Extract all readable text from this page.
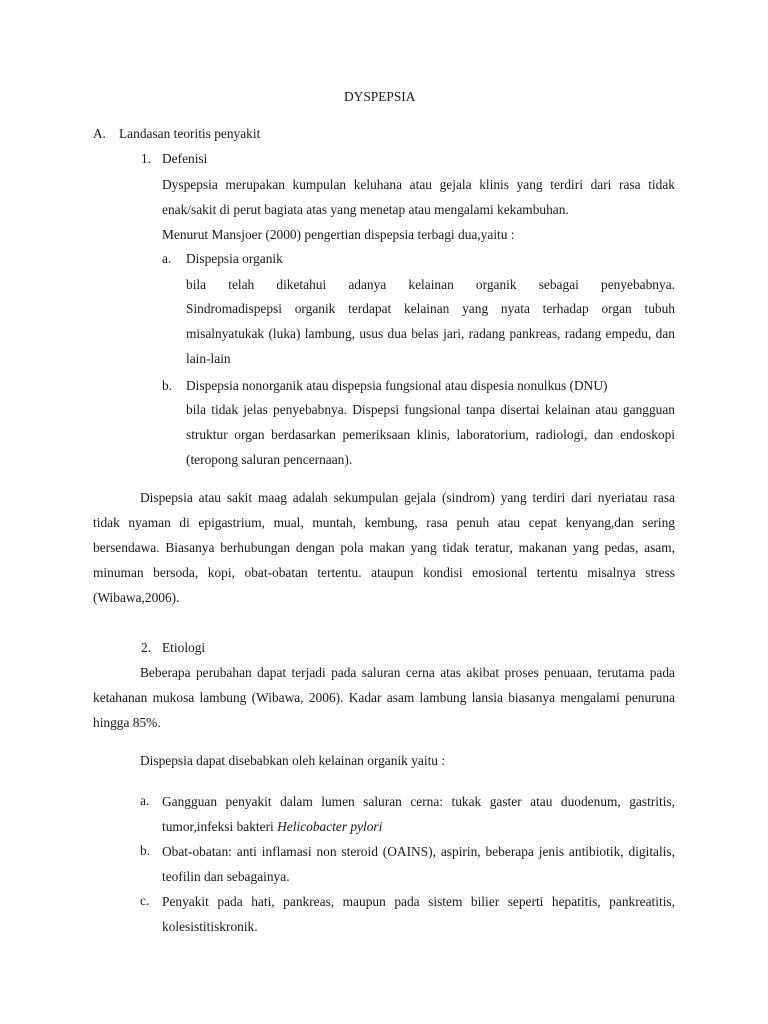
DYSPEPSIA

A. Landasan teoritis penyakit

1. Defenisi

Dyspepsia merupakan kumpulan keluhana atau gejala klinis yang terdiri dari rasa tidak enak/sakit di perut bagiata atas yang menetap atau mengalami kekambuhan.

Menurut Mansjoer (2000) pengertian dispepsia terbagi dua,yaitu :

a. Dispepsia organik

bila telah diketahui adanya kelainan organik sebagai penyebabnya.

Sindromadispepsi organik terdapat kelainan yang nyata terhadap organ tubuh misalnyatukak (luka) lambung, usus dua belas jari, radang pankreas, radang empedu, dan lain-lain

b. Dispepsia nonorganik atau dispepsia fungsional atau dispesia nonulkus (DNU)

bila tidak jelas penyebabnya. Dispepsi fungsional tanpa disertai kelainan atau gangguan struktur organ berdasarkan pemeriksaan klinis, laboratorium, radiologi, dan endoskopi (teropong saluran pencernaan).

Dispepsia atau sakit maag adalah sekumpulan gejala (sindrom) yang terdiri dari nyeriatau rasa tidak nyaman di epigastrium, mual, muntah, kembung, rasa penuh atau cepat kenyang,dan sering bersendawa. Biasanya berhubungan dengan pola makan yang tidak teratur, makanan yang pedas, asam, minuman bersoda, kopi, obat-obatan tertentu. ataupun kondisi emosional tertentu misalnya stress (Wibawa,2006).

2. Etiologi

Beberapa perubahan dapat terjadi pada saluran cerna atas akibat proses penuaan, terutama pada ketahanan mukosa lambung (Wibawa, 2006). Kadar asam lambung lansia biasanya mengalami penuruna hingga 85%.

Dispepsia dapat disebabkan oleh kelainan organik yaitu :

a. Gangguan penyakit dalam lumen saluran cerna: tukak gaster atau duodenum, gastritis, tumor,infeksi bakteri Helicobacter pylori

b. Obat-obatan: anti inflamasi non steroid (OAINS), aspirin, beberapa jenis antibiotik, digitalis, teofilin dan sebagainya.

c. Penyakit pada hati, pankreas, maupun pada sistem bilier seperti hepatitis, pankreatitis, kolesistitiskronik.
